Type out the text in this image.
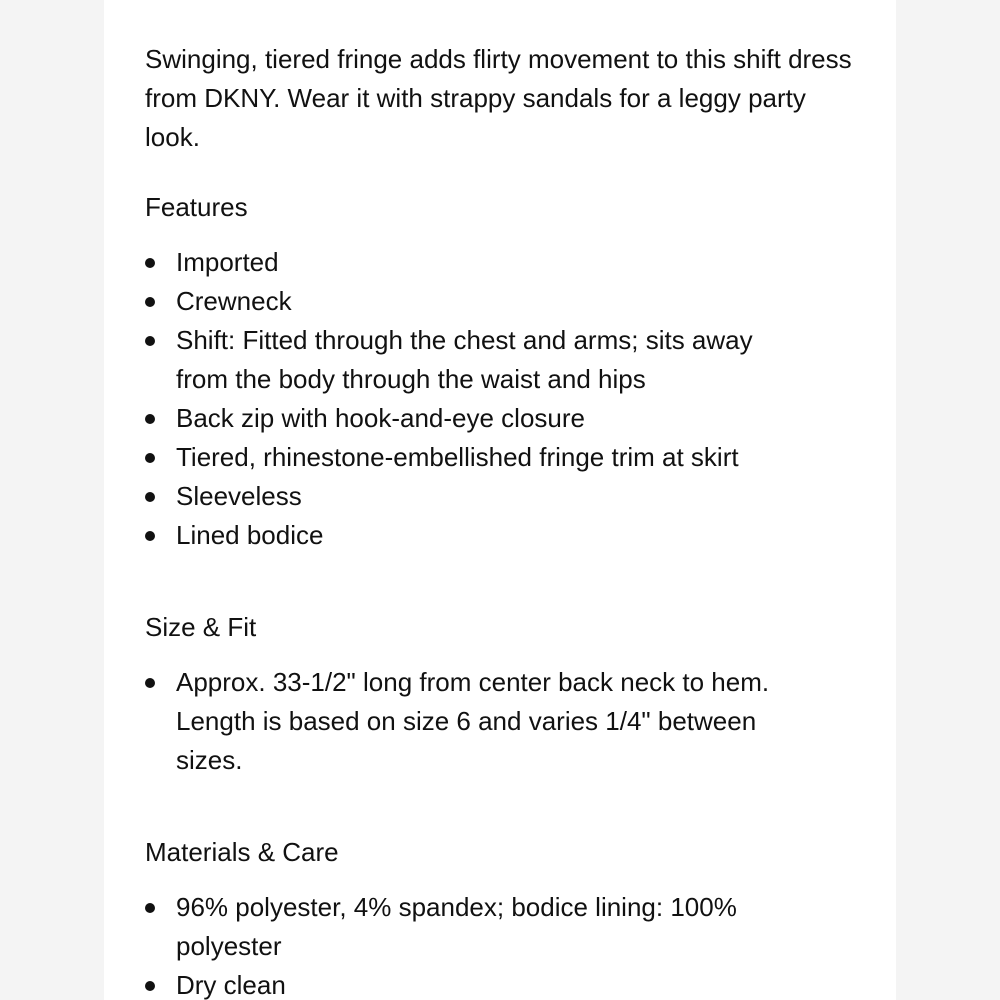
Swinging, tiered fringe adds flirty movement to this shift dress from DKNY. Wear it with strappy sandals for a leggy party look.

Features
Imported
Crewneck
Shift: Fitted through the chest and arms; sits away from the body through the waist and hips
Back zip with hook-and-eye closure
Tiered, rhinestone-embellished fringe trim at skirt
Sleeveless
Lined bodice
Size & Fit
Approx. 33-1/2" long from center back neck to hem. Length is based on size 6 and varies 1/4" between sizes.
Materials & Care
96% polyester, 4% spandex; bodice lining: 100% polyester
Dry clean
